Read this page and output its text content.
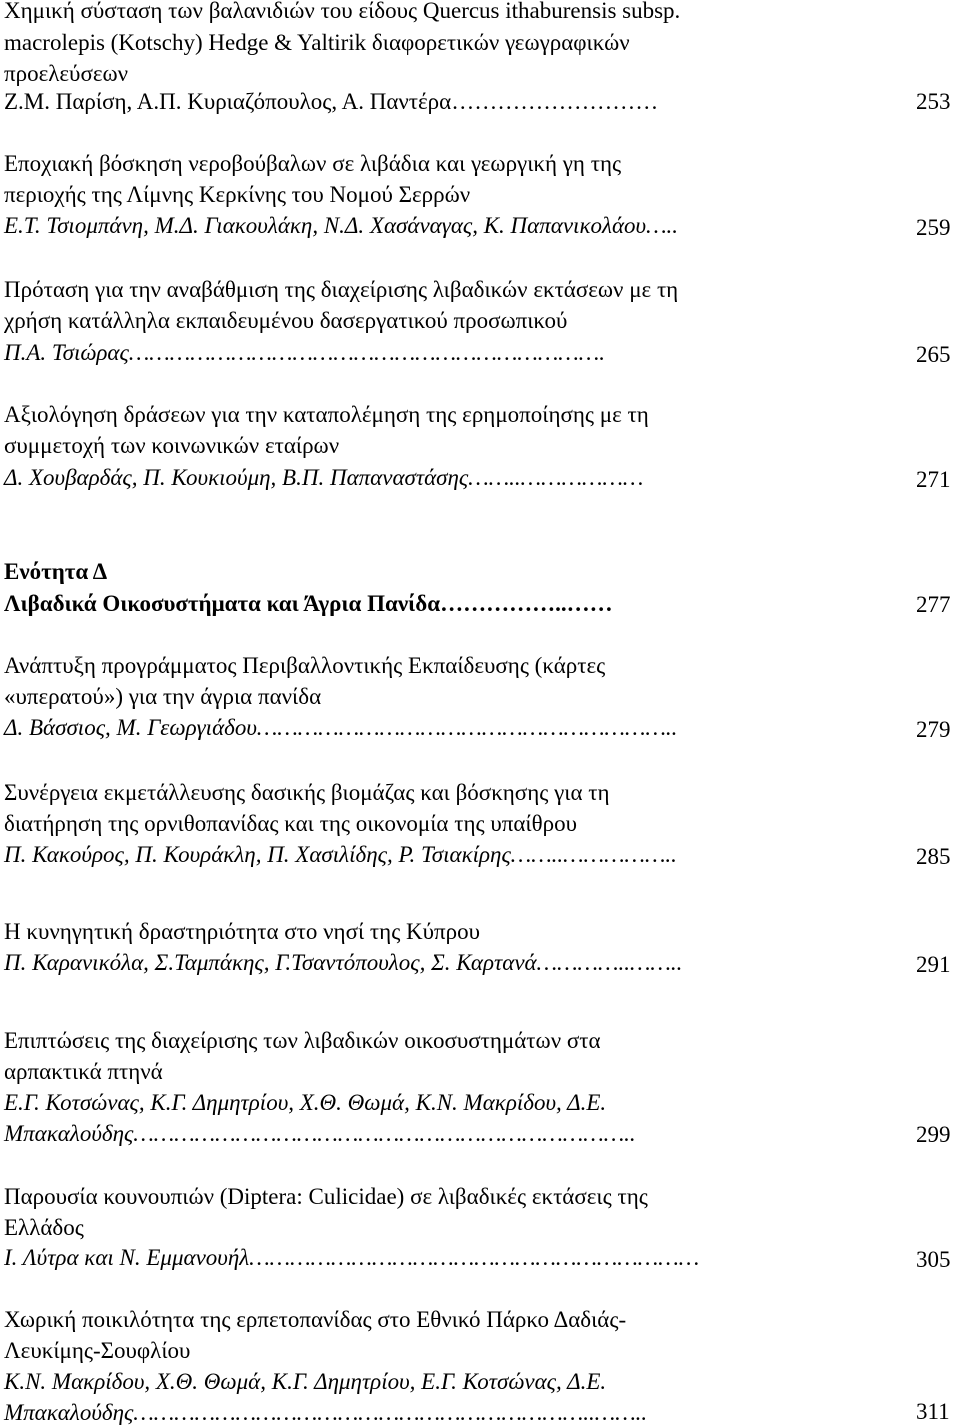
Χημική σύσταση των βαλανιδιών του είδους Quercus ithaburensis subsp.
macrolepis (Kotschy) Hedge & Yaltirik διαφορετικών γεωγραφικών
προελεύσεων
Ζ.Μ. Παρίση, Α.Π. Κυριαζόπουλος, Α. Παντέρα………………………	253
Εποχιακή βόσκηση νεροβούβαλων σε λιβάδια και γεωργική γη της
περιοχής της Λίμνης Κερκίνης του Νομού Σερρών
Ε.Τ. Τσιομπάνη, Μ.Δ. Γιακουλάκη, Ν.Δ. Χασάναγας, Κ. Παπανικολάου…..	259
Πρόταση για την αναβάθμιση της διαχείρισης λιβαδικών εκτάσεων με τη
χρήση κατάλληλα εκπαιδευμένου δασεργατικού προσωπικού
Π.Α. Τσιώρας…………………………………………………………….	265
Αξιολόγηση δράσεων για την καταπολέμηση της ερημοποίησης με τη
συμμετοχή των κοινωνικών εταίρων
Δ. Χουβαρδάς, Π. Κουκιούμη, Β.Π. Παπαναστάσης……..………………	271
Ενότητα Δ
Λιβαδικά Οικοσυστήματα και Άγρια Πανίδα……………..……	277
Ανάπτυξη προγράμματος Περιβαλλοντικής Εκπαίδευσης (κάρτες
«υπερατού») για την άγρια πανίδα
Δ. Βάσσιος, Μ. Γεωργιάδου……………………………………………………..	279
Συνέργεια εκμετάλλευσης δασικής βιομάζας και βόσκησης για τη
διατήρηση της ορνιθοπανίδας και της οικονομία της υπαίθρου
Π. Κακούρος, Π. Κουράκλη, Π. Χασιλίδης, Ρ. Τσιακίρης……..……………..	285
Η κυνηγητική δραστηριότητα στο νησί της Κύπρου
Π. Καρανικόλα, Σ.Ταμπάκης, Γ.Τσαντόπουλος, Σ. Καρτανά…………..……..	291
Επιπτώσεις της διαχείρισης των λιβαδικών οικοσυστημάτων στα
αρπακτικά πτηνά
Ε.Γ. Κοτσώνας, Κ.Γ. Δημητρίου, Χ.Θ. Θωμά, Κ.Ν. Μακρίδου, Δ.Ε.
Μπακαλούδης………………………………………………………………..	299
Παρουσία κουνουπιών (Diptera: Culicidae) σε λιβαδικές εκτάσεις της
Ελλάδος
Ι. Λύτρα και Ν. Εμμανουήλ…………………………………………………………	305
Χωρική ποικιλότητα της ερπετοπανίδας στο Εθνικό Πάρκο Δαδιάς-
Λευκίμης-Σουφλίου
Κ.Ν. Μακρίδου, Χ.Θ. Θωμά, Κ.Γ. Δημητρίου, Ε.Γ. Κοτσώνας, Δ.Ε.
Μπακαλούδης…………………………………………………………..……..	311
